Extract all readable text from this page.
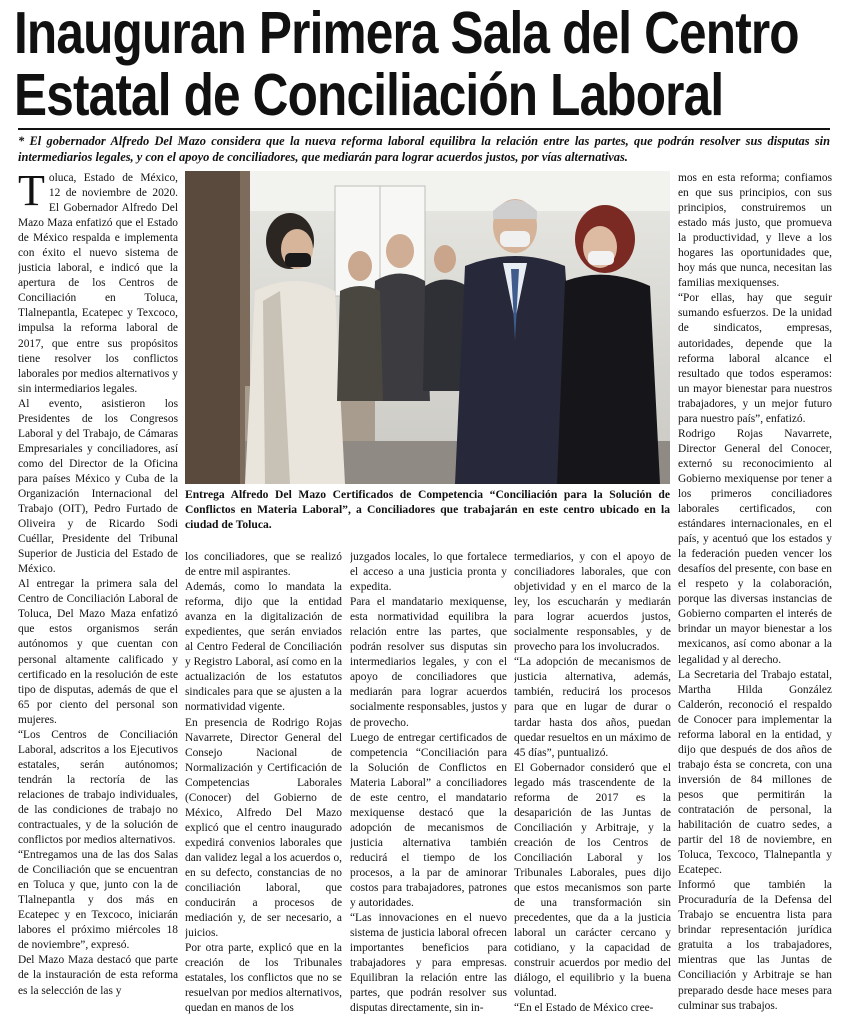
Inauguran Primera Sala del Centro
Estatal de Conciliación Laboral
* El gobernador Alfredo Del Mazo considera que la nueva reforma laboral equilibra la relación entre las partes, que podrán resolver sus disputas sin intermediarios legales, y con el apoyo de conciliadores, que mediarán para lograr acuerdos justos, por vías alternativas.
T oluca, Estado de México, 12 de noviembre de 2020. El Gobernador Alfredo Del Mazo Maza enfatizó que el Estado de México respalda e implementa con éxito el nuevo sistema de justicia laboral, e indicó que la apertura de los Centros de Conciliación en Toluca, Tlalnepantla, Ecatepec y Texcoco, impulsa la reforma laboral de 2017, que entre sus propósitos tiene resolver los conflictos laborales por medios alternativos y sin intermediarios legales.

Al evento, asistieron los Presidentes de los Congresos Laboral y del Trabajo, de Cámaras Empresariales y conciliadores, así como del Director de la Oficina para países México y Cuba de la Organización Internacional del Trabajo (OIT), Pedro Furtado de Oliveira y de Ricardo Sodi Cuéllar, Presidente del Tribunal Superior de Justicia del Estado de México.

Al entregar la primera sala del Centro de Conciliación Laboral de Toluca, Del Mazo Maza enfatizó que estos organismos serán autónomos y que cuentan con personal altamente calificado y certificado en la resolución de este tipo de disputas, además de que el 65 por ciento del personal son mujeres.

“Los Centros de Conciliación Laboral, adscritos a los Ejecutivos estatales, serán autónomos; tendrán la rectoría de las relaciones de trabajo individuales, de las condiciones de trabajo no contractuales, y de la solución de conflictos por medios alternativos.

“Entregamos una de las dos Salas de Conciliación que se encuentran en Toluca y que, junto con la de Tlalnepantla y dos más en Ecatepec y en Texcoco, iniciarán labores el próximo miércoles 18 de noviembre”, expresó.

Del Mazo Maza destacó que parte de la instauración de esta reforma es la selección de las y

Entrega Alfredo Del Mazo Certificados de Competencia “Conciliación para la Solución de Conflictos en Materia Laboral”, a Conciliadores que trabajarán en este centro ubicado en la ciudad de Toluca.

los conciliadores, que se realizó de entre mil aspirantes.

Además, como lo mandata la reforma, dijo que la entidad avanza en la digitalización de expedientes, que serán enviados al Centro Federal de Conciliación y Registro Laboral, así como en la actualización de los estatutos sindicales para que se ajusten a la normatividad vigente.

En presencia de Rodrigo Rojas Navarrete, Director General del Consejo Nacional de Normalización y Certificación de Competencias Laborales (Conocer) del Gobierno de México, Alfredo Del Mazo explicó que el centro inaugurado expedirá convenios laborales que dan validez legal a los acuerdos o, en su defecto, constancias de no conciliación laboral, que conducirán a procesos de mediación y, de ser necesario, a juicios.

Por otra parte, explicó que en la creación de los Tribunales estatales, los conflictos que no se resuelvan por medios alternativos, quedan en manos de los

juzgados locales, lo que fortalece el acceso a una justicia pronta y expedita.

Para el mandatario mexiquense, esta normatividad equilibra la relación entre las partes, que podrán resolver sus disputas sin intermediarios legales, y con el apoyo de conciliadores que mediarán para lograr acuerdos socialmente responsables, justos y de provecho.

Luego de entregar certificados de competencia “Conciliación para la Solución de Conflictos en Materia Laboral” a conciliadores de este centro, el mandatario mexiquense destacó que la adopción de mecanismos de justicia alternativa también reducirá el tiempo de los procesos, a la par de aminorar costos para trabajadores, patrones y autoridades.

“Las innovaciones en el nuevo sistema de justicia laboral ofrecen importantes beneficios para trabajadores y para empresas. Equilibran la relación entre las partes, que podrán resolver sus disputas directamente, sin in-

termediarios, y con el apoyo de conciliadores laborales, que con objetividad y en el marco de la ley, los escucharán y mediarán para lograr acuerdos justos, socialmente responsables, y de provecho para los involucrados.

“La adopción de mecanismos de justicia alternativa, además, también, reducirá los procesos para que en lugar de durar o tardar hasta dos años, puedan quedar resueltos en un máximo de 45 días”, puntualizó.

El Gobernador consideró que el legado más trascendente de la reforma de 2017 es la desaparición de las Juntas de Conciliación y Arbitraje, y la creación de los Centros de Conciliación Laboral y los Tribunales Laborales, pues dijo que estos mecanismos son parte de una transformación sin precedentes, que da a la justicia laboral un carácter cercano y cotidiano, y la capacidad de construir acuerdos por medio del diálogo, el equilibrio y la buena voluntad.

“En el Estado de México cree-

mos en esta reforma; confiamos en que sus principios, con sus principios, construiremos un estado más justo, que promueva la productividad, y lleve a los hogares las oportunidades que, hoy más que nunca, necesitan las familias mexiquenses.

“Por ellas, hay que seguir sumando esfuerzos. De la unidad de sindicatos, empresas, autoridades, depende que la reforma laboral alcance el resultado que todos esperamos: un mayor bienestar para nuestros trabajadores, y un mejor futuro para nuestro país”, enfatizó.

Rodrigo Rojas Navarrete, Director General del Conocer, externó su reconocimiento al Gobierno mexiquense por tener a los primeros conciliadores laborales certificados, con estándares internacionales, en el país, y acentuó que los estados y la federación pueden vencer los desafíos del presente, con base en el respeto y la colaboración, porque las diversas instancias de Gobierno comparten el interés de brindar un mayor bienestar a los mexicanos, así como abonar a la legalidad y al derecho.

La Secretaria del Trabajo estatal, Martha Hilda González Calderón, reconoció el respaldo de Conocer para implementar la reforma laboral en la entidad, y dijo que después de dos años de trabajo ésta se concreta, con una inversión de 84 millones de pesos que permitirán la contratación de personal, la habilitación de cuatro sedes, a partir del 18 de noviembre, en Toluca, Texcoco, Tlalnepantla y Ecatepec.

Informó que también la Procuraduría de la Defensa del Trabajo se encuentra lista para brindar representación jurídica gratuita a los trabajadores, mientras que las Juntas de Conciliación y Arbitraje se han preparado desde hace meses para culminar sus trabajos.
